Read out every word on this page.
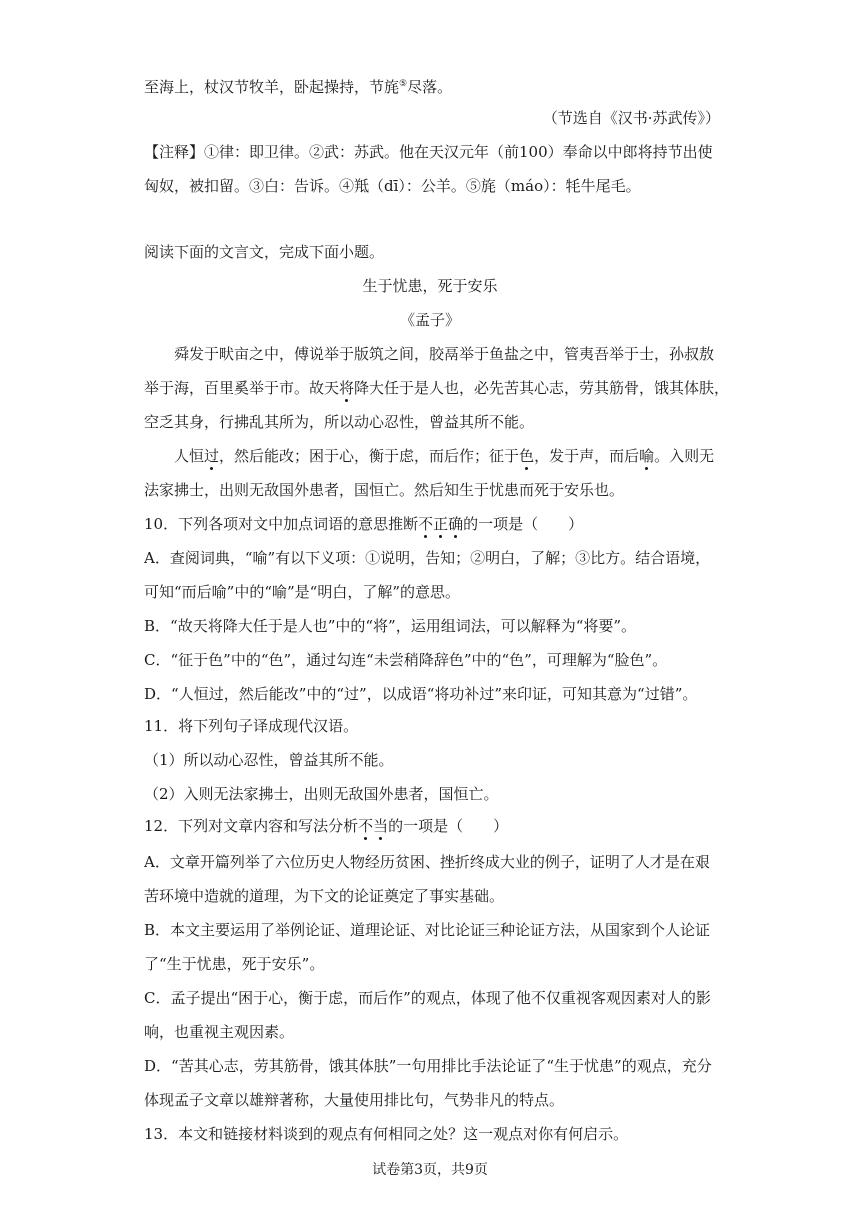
至海上，杖汉节牧羊，卧起操持，节旄⑤尽落。
（节选自《汉书·苏武传》）
【注释】①律：即卫律。②武：苏武。他在天汉元年（前100）奉命以中郎将持节出使
匈奴，被扣留。③白：告诉。④羝（dī）：公羊。⑤旄（máo）：牦牛尾毛。
阅读下面的文言文，完成下面小题。
生于忧患，死于安乐
《孟子》
舜发于畎亩之中，傅说举于版筑之间，胶鬲举于鱼盐之中，管夷吾举于士，孙叔敖
举于海，百里奚举于市。故天将降大任于是人也，必先苦其心志，劳其筋骨，饿其体肤，
空乏其身，行拂乱其所为，所以动心忍性，曾益其所不能。
人恒过，然后能改；困于心，衡于虑，而后作；征于色，发于声，而后喻。入则无
法家拂士，出则无敌国外患者，国恒亡。然后知生于忧患而死于安乐也。
10．下列各项对文中加点词语的意思推断不正确的一项是（　　）
A．查阅词典，“喻”有以下义项：①说明，告知；②明白，了解；③比方。结合语境，
可知“而后喻”中的“喻”是“明白，了解”的意思。
B．“故天将降大任于是人也”中的“将”，运用组词法，可以解释为“将要”。
C．“征于色”中的“色”，通过勾连“未尝稍降辞色”中的“色”，可理解为“脸色”。
D．“人恒过，然后能改”中的“过”，以成语“将功补过”来印证，可知其意为“过错”。
11．将下列句子译成现代汉语。
（1）所以动心忍性，曾益其所不能。
（2）入则无法家拂士，出则无敌国外患者，国恒亡。
12．下列对文章内容和写法分析不当的一项是（　　）
A．文章开篇列举了六位历史人物经历贫困、挫折终成大业的例子，证明了人才是在艰
苦环境中造就的道理，为下文的论证奠定了事实基础。
B．本文主要运用了举例论证、道理论证、对比论证三种论证方法，从国家到个人论证
了“生于忧患，死于安乐”。
C．孟子提出“困于心，衡于虑，而后作”的观点，体现了他不仅重视客观因素对人的影
响，也重视主观因素。
D．“苦其心志，劳其筋骨，饿其体肤”一句用排比手法论证了“生于忧患”的观点，充分
体现孟子文章以雄辩著称，大量使用排比句，气势非凡的特点。
13．本文和链接材料谈到的观点有何相同之处？这一观点对你有何启示。
试卷第3页，共9页
